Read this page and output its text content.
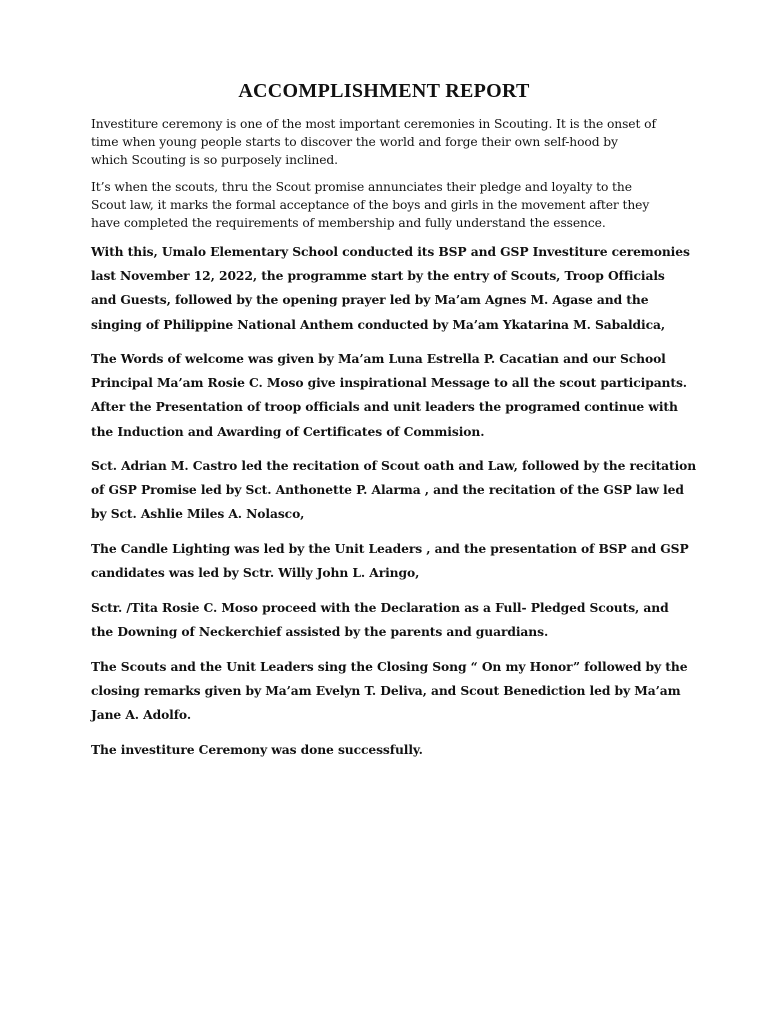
ACCOMPLISHMENT REPORT

Investiture ceremony is one of the most important ceremonies in Scouting. It is the onset of
time when young people starts to discover the world and forge their own self-hood by
which Scouting is so purposely inclined.

It’s when the scouts, thru the Scout promise annunciates their pledge and loyalty to the
Scout law, it marks the formal acceptance of the boys and girls in the movement after they
have completed the requirements of membership and fully understand the essence.

With this, Umalo Elementary School conducted its BSP and GSP Investiture ceremonies
last November 12, 2022, the programme start by the entry of Scouts, Troop Officials
and Guests, followed by the opening prayer led by Ma’am Agnes M. Agase and the
singing of Philippine National Anthem conducted by Ma’am Ykatarina M. Sabaldica,

The Words of welcome was given by Ma’am Luna Estrella P. Cacatian and our School
Principal Ma’am Rosie C. Moso give inspirational Message to all the scout participants.
After the Presentation of troop officials and unit leaders the programed continue with
the Induction and Awarding of Certificates of Commision.

Sct. Adrian M. Castro led the recitation of Scout oath and Law, followed by the recitation
of GSP Promise led by Sct. Anthonette P. Alarma , and the recitation of the GSP law led
by Sct. Ashlie Miles A. Nolasco,

The Candle Lighting was led by the Unit Leaders , and the presentation of BSP and GSP
candidates was led by Sctr. Willy John L. Aringo,

Sctr. /Tita Rosie C. Moso proceed with the Declaration as a Full- Pledged Scouts, and
the Downing of Neckerchief assisted by the parents and guardians.

The Scouts and the Unit Leaders sing the Closing Song “ On my Honor” followed by the
closing remarks given by Ma’am Evelyn T. Deliva, and Scout Benediction led by Ma’am
Jane A. Adolfo.

The investiture Ceremony was done successfully.
